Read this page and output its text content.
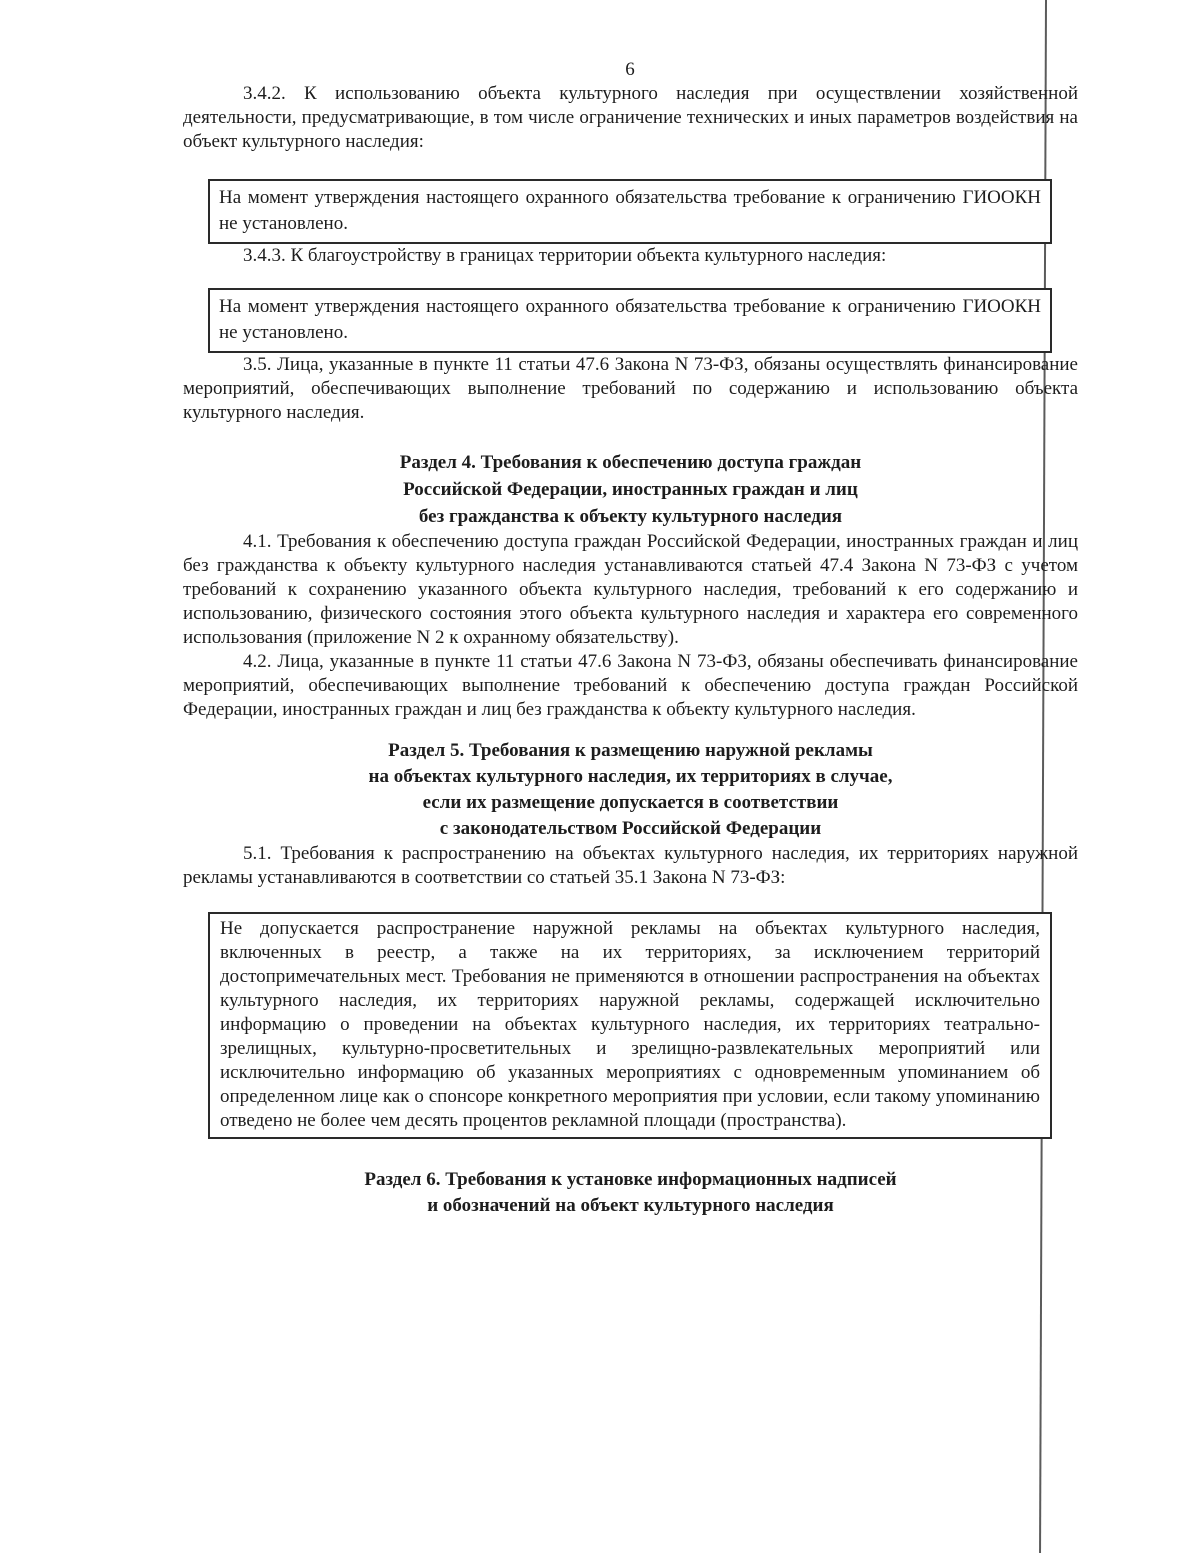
6

3.4.2. К использованию объекта культурного наследия при осуществлении хозяйственной деятельности, предусматривающие, в том числе ограничение технических и иных параметров воздействия на объект культурного наследия:

На момент утверждения настоящего охранного обязательства требование к ограничению ГИООКН не установлено.

3.4.3. К благоустройству в границах территории объекта культурного наследия:

На момент утверждения настоящего охранного обязательства требование к ограничению ГИООКН не установлено.

3.5. Лица, указанные в пункте 11 статьи 47.6 Закона N 73-ФЗ, обязаны осуществлять финансирование мероприятий, обеспечивающих выполнение требований по содержанию и использованию объекта культурного наследия.

Раздел 4. Требования к обеспечению доступа граждан
Российской Федерации, иностранных граждан и лиц
без гражданства к объекту культурного наследия

4.1. Требования к обеспечению доступа граждан Российской Федерации, иностранных граждан и лиц без гражданства к объекту культурного наследия устанавливаются статьей 47.4 Закона N 73-ФЗ с учетом требований к сохранению указанного объекта культурного наследия, требований к его содержанию и использованию, физического состояния этого объекта культурного наследия и характера его современного использования (приложение N 2 к охранному обязательству).

4.2. Лица, указанные в пункте 11 статьи 47.6 Закона N 73-ФЗ, обязаны обеспечивать финансирование мероприятий, обеспечивающих выполнение требований к обеспечению доступа граждан Российской Федерации, иностранных граждан и лиц без гражданства к объекту культурного наследия.

Раздел 5. Требования к размещению наружной рекламы
на объектах культурного наследия, их территориях в случае,
если их размещение допускается в соответствии
с законодательством Российской Федерации

5.1. Требования к распространению на объектах культурного наследия, их территориях наружной рекламы устанавливаются в соответствии со статьей 35.1 Закона N 73-ФЗ:

Не допускается распространение наружной рекламы на объектах культурного наследия, включенных в реестр, а также на их территориях, за исключением территорий достопримечательных мест. Требования не применяются в отношении распространения на объектах культурного наследия, их территориях наружной рекламы, содержащей исключительно информацию о проведении на объектах культурного наследия, их территориях театрально-зрелищных, культурно-просветительных и зрелищно-развлекательных мероприятий или исключительно информацию об указанных мероприятиях с одновременным упоминанием об определенном лице как о спонсоре конкретного мероприятия при условии, если такому упоминанию отведено не более чем десять процентов рекламной площади (пространства).

Раздел 6. Требования к установке информационных надписей
и обозначений на объект культурного наследия
